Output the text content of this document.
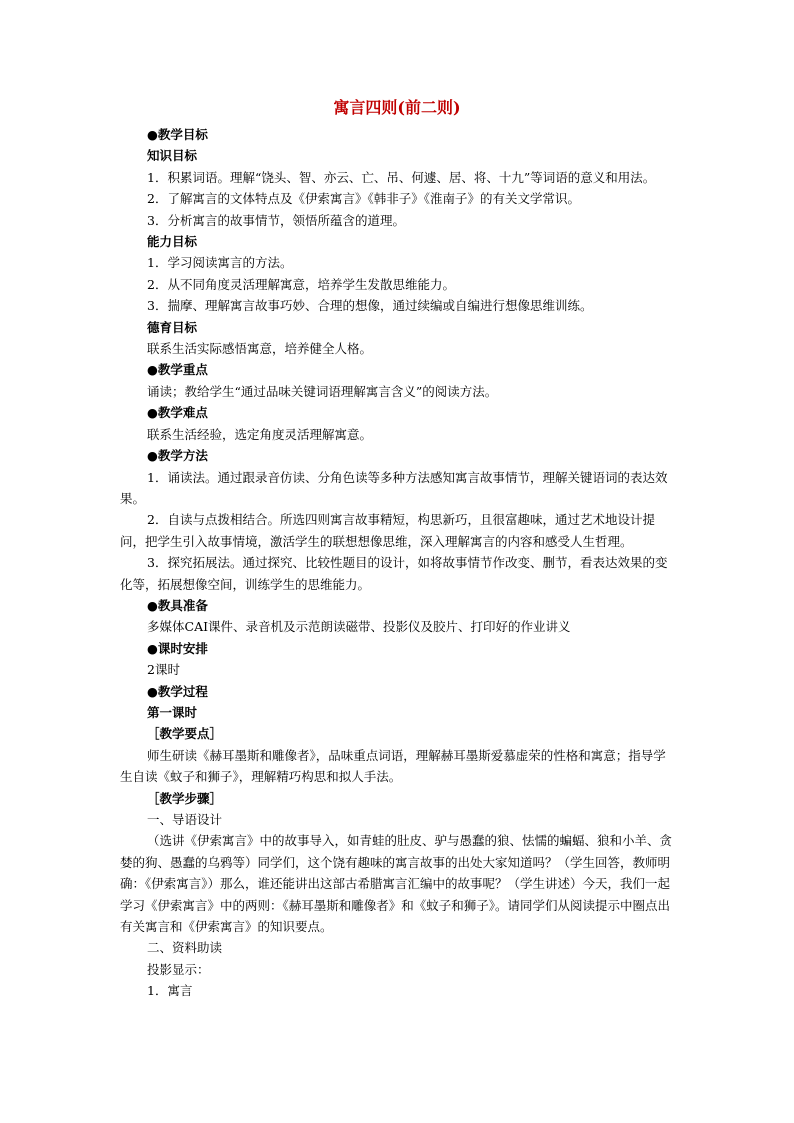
寓言四则(前二则)

● 教学目标

知识目标

1．积累词语。理解“饶头、智、亦云、亡、吊、何遽、居、将、十九”等词语的意义和用法。

2．了解寓言的文体特点及《伊索寓言》《韩非子》《淮南子》的有关文学常识。

3．分析寓言的故事情节，领悟所蕴含的道理。

能力目标

1．学习阅读寓言的方法。

2．从不同角度灵活理解寓意，培养学生发散思维能力。

3．揣摩、理解寓言故事巧妙、合理的想像，通过续编或自编进行想像思维训练。

德育目标

联系生活实际感悟寓意，培养健全人格。

● 教学重点

诵读；教给学生“通过品味关键词语理解寓言含义”的阅读方法。

● 教学难点

联系生活经验，选定角度灵活理解寓意。

● 教学方法

1．诵读法。通过跟录音仿读、分角色读等多种方法感知寓言故事情节，理解关键语词的表达效果。

2．自读与点拨相结合。所选四则寓言故事精短，构思新巧，且很富趣味，通过艺术地设计提问，把学生引入故事情境，激活学生的联想想像思维，深入理解寓言的内容和感受人生哲理。

3．探究拓展法。通过探究、比较性题目的设计，如将故事情节作改变、删节，看表达效果的变化等，拓展想像空间，训练学生的思维能力。

● 教具准备

多媒体CAI课件、录音机及示范朗读磁带、投影仪及胶片、打印好的作业讲义

● 课时安排

2课时

● 教学过程

第一课时

［教学要点］

师生研读《赫耳墨斯和雕像者》，品味重点词语，理解赫耳墨斯爱慕虚荣的性格和寓意；指导学生自读《蚊子和狮子》，理解精巧构思和拟人手法。

［教学步骤］

一、导语设计

（选讲《伊索寓言》中的故事导入，如青蛙的肚皮、驴与愚蠢的狼、怯懦的蝙蝠、狼和小羊、贪婪的狗、愚蠢的乌鸦等）同学们，这个饶有趣味的寓言故事的出处大家知道吗？（学生回答，教师明确：《伊索寓言》）那么，谁还能讲出这部古希腊寓言汇编中的故事呢？（学生讲述）今天，我们一起学习《伊索寓言》中的两则：《赫耳墨斯和雕像者》和《蚊子和狮子》。请同学们从阅读提示中圈点出有关寓言和《伊索寓言》的知识要点。

二、资料助读

投影显示：

1．寓言
